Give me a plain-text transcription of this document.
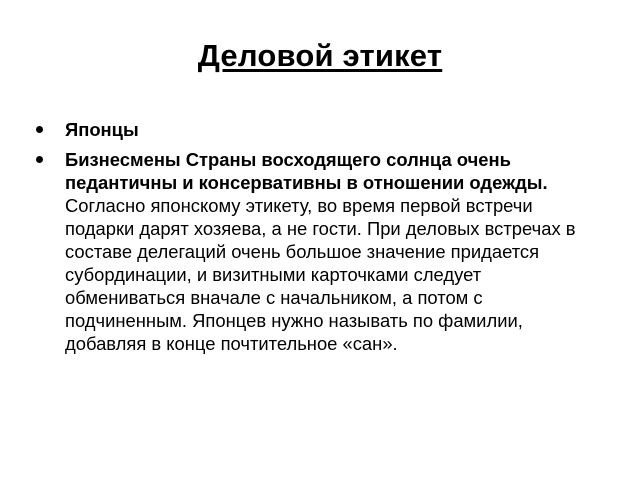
Деловой этикет
Японцы
Бизнесмены Страны восходящего солнца очень педантичны и консервативны в отношении одежды. Согласно японскому этикету, во время первой встречи подарки дарят хозяева, а не гости. При деловых встречах в составе делегаций очень большое значение придается субординации, и визитными карточками следует обмениваться вначале с начальником, а потом с подчиненным. Японцев нужно называть по фамилии, добавляя в конце почтительное «сан».
